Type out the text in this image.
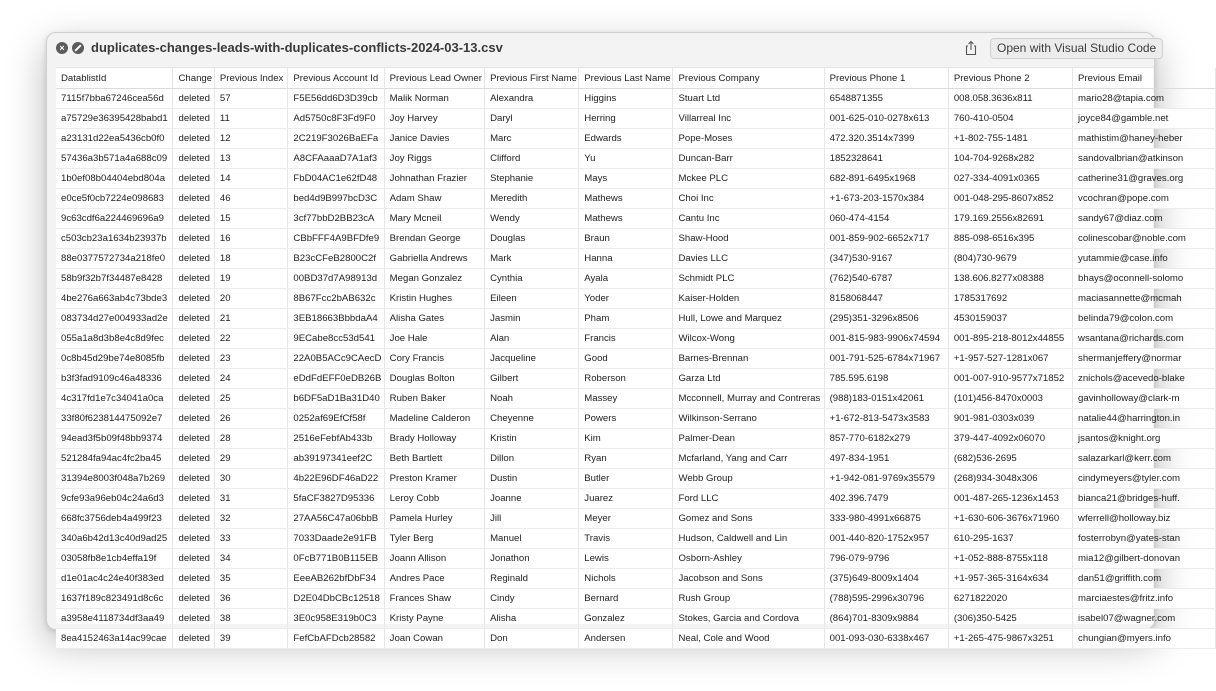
× duplicates-changes-leads-with-duplicates-conflicts-2024-03-13.csv	Open with Visual Studio Code
DatablistId	Change	Previous Index	Previous Account Id	Previous Lead Owner	Previous First Name	Previous Last Name	Previous Company	Previous Phone 1	Previous Phone 2	Previous Email
7115f7bba67246cea56d	deleted	57	F5E56dd6D3D39cb	Malik Norman	Alexandra	Higgins	Stuart Ltd	6548871355	008.058.3636x811	mario28@tapia.com
a75729e36395428babd1	deleted	11	Ad5750c8F3Fd9F0	Joy Harvey	Daryl	Herring	Villarreal Inc	001-625-010-0278x613	760-410-0504	joyce84@gamble.net
a23131d22ea5436cb0f0	deleted	12	2C219F3026BaEFa	Janice Davies	Marc	Edwards	Pope-Moses	472.320.3514x7399	+1-802-755-1481	mathistim@haney-heber
57436a3b571a4a688c09	deleted	13	A8CFAaaaD7A1af3	Joy Riggs	Clifford	Yu	Duncan-Barr	1852328641	104-704-9268x282	sandovalbrian@atkinson
1b0ef08b04404ebd804a	deleted	14	FbD04AC1e62fD48	Johnathan Frazier	Stephanie	Mays	Mckee PLC	682-891-6495x1968	027-334-4091x0365	catherine31@graves.org
e0ce5f0cb7224e098683	deleted	46	bed4d9B997bcD3C	Adam Shaw	Meredith	Mathews	Choi Inc	+1-673-203-1570x384	001-048-295-8607x852	vcochran@pope.com
9c63cdf6a224469696a9	deleted	15	3cf77bbD2BB23cA	Mary Mcneil	Wendy	Mathews	Cantu Inc	060-474-4154	179.169.2556x82691	sandy67@diaz.com
c503cb23a1634b23937b	deleted	16	CBbFFF4A9BFDfe9	Brendan George	Douglas	Braun	Shaw-Hood	001-859-902-6652x717	885-098-6516x395	colinescobar@noble.com
88e0377572734a218fe0	deleted	18	B23cCFeB2800C2f	Gabriella Andrews	Mark	Hanna	Davies LLC	(347)530-9167	(804)730-9679	yutammie@case.info
58b9f32b7f34487e8428	deleted	19	00BD37d7A98913d	Megan Gonzalez	Cynthia	Ayala	Schmidt PLC	(762)540-6787	138.606.8277x08388	bhays@oconnell-solomo
4be276a663ab4c73bde3	deleted	20	8B67Fcc2bAB632c	Kristin Hughes	Eileen	Yoder	Kaiser-Holden	8158068447	1785317692	maciasannette@mcmah
083734d27e004933ad2e	deleted	21	3EB18663BbbdaA4	Alisha Gates	Jasmin	Pham	Hull, Lowe and Marquez	(295)351-3296x8506	4530159037	belinda79@colon.com
055a1a8d3b8e4c8d9fec	deleted	22	9ECabe8cc53d541	Joe Hale	Alan	Francis	Wilcox-Wong	001-815-983-9906x74594	001-895-218-8012x44855	wsantana@richards.com
0c8b45d29be74e8085fb	deleted	23	22A0B5ACc9CAecD	Cory Francis	Jacqueline	Good	Barnes-Brennan	001-791-525-6784x71967	+1-957-527-1281x067	shermanjeffery@normar
b3f3fad9109c46a48336	deleted	24	eDdFdEFF0eDB26B	Douglas Bolton	Gilbert	Roberson	Garza Ltd	785.595.6198	001-007-910-9577x71852	znichols@acevedo-blake
4c317fd1e7c34041a0ca	deleted	25	b6DF5aD1Ba31D40	Ruben Baker	Noah	Massey	Mcconnell, Murray and Contreras	(988)183-0151x42061	(101)456-8470x0003	gavinholloway@clark-m
33f80f623814475092e7	deleted	26	0252af69EfCf58f	Madeline Calderon	Cheyenne	Powers	Wilkinson-Serrano	+1-672-813-5473x3583	901-981-0303x039	natalie44@harrington.in
94ead3f5b09f48bb9374	deleted	28	2516eFebfAb433b	Brady Holloway	Kristin	Kim	Palmer-Dean	857-770-6182x279	379-447-4092x06070	jsantos@knight.org
521284fa94ac4fc2ba45	deleted	29	ab39197341eef2C	Beth Bartlett	Dillon	Ryan	Mcfarland, Yang and Carr	497-834-1951	(682)536-2695	salazarkarl@kerr.com
31394e8003f048a7b269	deleted	30	4b22E96DF46aD22	Preston Kramer	Dustin	Butler	Webb Group	+1-942-081-9769x35579	(268)934-3048x306	cindymeyers@tyler.com
9cfe93a96eb04c24a6d3	deleted	31	5faCF3827D95336	Leroy Cobb	Joanne	Juarez	Ford LLC	402.396.7479	001-487-265-1236x1453	bianca21@bridges-huff.
668fc3756deb4a499f23	deleted	32	27AA56C47a06bbB	Pamela Hurley	Jill	Meyer	Gomez and Sons	333-980-4991x66875	+1-630-606-3676x71960	wferrell@holloway.biz
340a6b42d13c40d9ad25	deleted	33	7033Daade2e91FB	Tyler Berg	Manuel	Travis	Hudson, Caldwell and Lin	001-440-820-1752x957	610-295-1637	fosterrobyn@yates-stan
03058fb8e1cb4effa19f	deleted	34	0FcB771B0B115EB	Joann Allison	Jonathon	Lewis	Osborn-Ashley	796-079-9796	+1-052-888-8755x118	mia12@gilbert-donovan
d1e01ac4c24e40f383ed	deleted	35	EeeAB262bfDbF34	Andres Pace	Reginald	Nichols	Jacobson and Sons	(375)649-8009x1404	+1-957-365-3164x634	dan51@griffith.com
1637f189c823491d8c6c	deleted	36	D2E04DbCBc12518	Frances Shaw	Cindy	Bernard	Rush Group	(788)595-2996x30796	6271822020	marciaestes@fritz.info
a3958e4118734df3aa49	deleted	38	3E0c958E319b0C3	Kristy Payne	Alisha	Gonzalez	Stokes, Garcia and Cordova	(864)701-8309x9884	(306)350-5425	isabel07@wagner.com
8ea4152463a14ac99cae	deleted	39	FefCbAFDcb28582	Joan Cowan	Don	Andersen	Neal, Cole and Wood	001-093-030-6338x467	+1-265-475-9867x3251	chungian@myers.info
